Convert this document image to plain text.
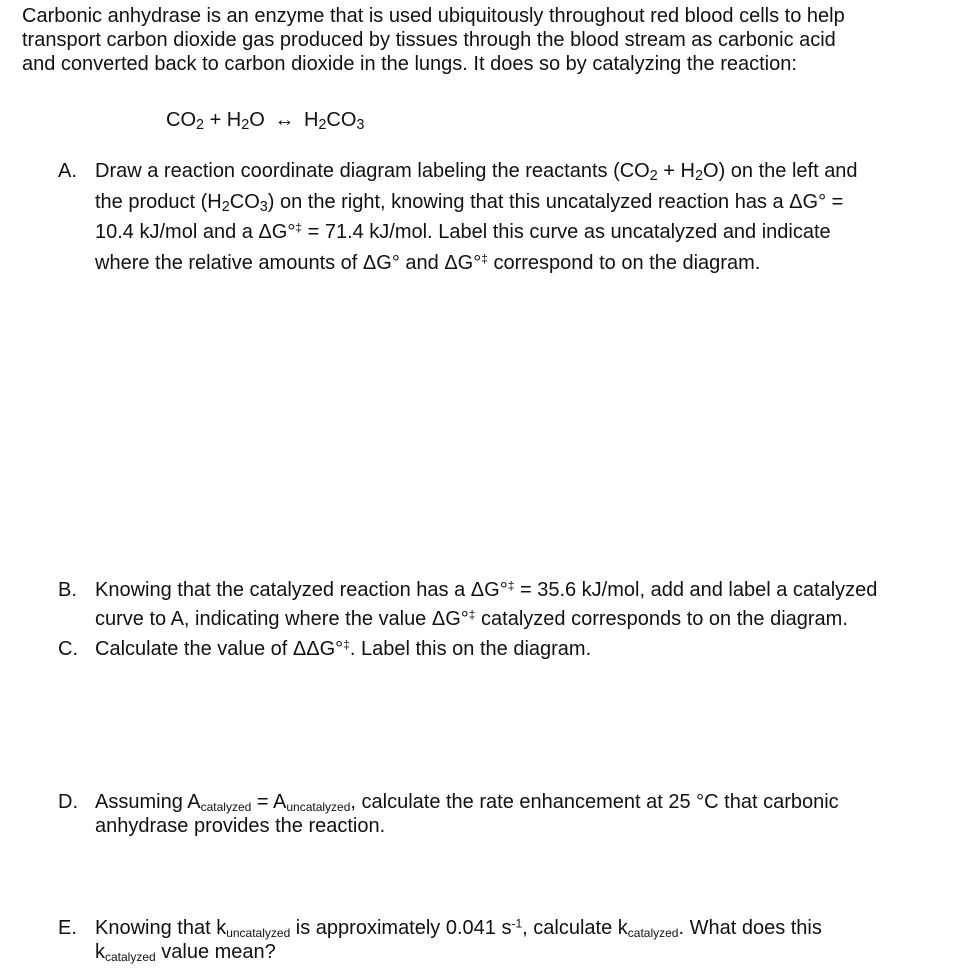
Carbonic anhydrase is an enzyme that is used ubiquitously throughout red blood cells to help
transport carbon dioxide gas produced by tissues through the blood stream as carbonic acid
and converted back to carbon dioxide in the lungs. It does so by catalyzing the reaction:

$CO_2 + H_2O$ ↔ $H_2CO_3$
A. Draw a reaction coordinate diagram labeling the reactants $(CO_2 + H_2O)$ on the left and
the product $(H_2CO_3)$ on the right, knowing that this uncatalyzed reaction has a ΔG° =
10.4 kJ/mol and a ΔG°‡ = 71.4 kJ/mol. Label this curve as uncatalyzed and indicate
where the relative amounts of ΔG° and ΔG°‡ correspond to on the diagram.
B. Knowing that the catalyzed reaction has a ΔG°‡ = 35.6 kJ/mol, add and label a catalyzed
curve to A, indicating where the value ΔG°‡ catalyzed corresponds to on the diagram.
C. Calculate the value of ΔΔG°‡. Label this on the diagram.
D. Assuming Acatalyzed = Auncatalyzed, calculate the rate enhancement at 25 °C that carbonic
anhydrase provides the reaction.
E. Knowing that kuncatalyzed is approximately 0.041 $s^{-1}$, calculate kcatalyzed. What does this
kcatalyzed value mean?
